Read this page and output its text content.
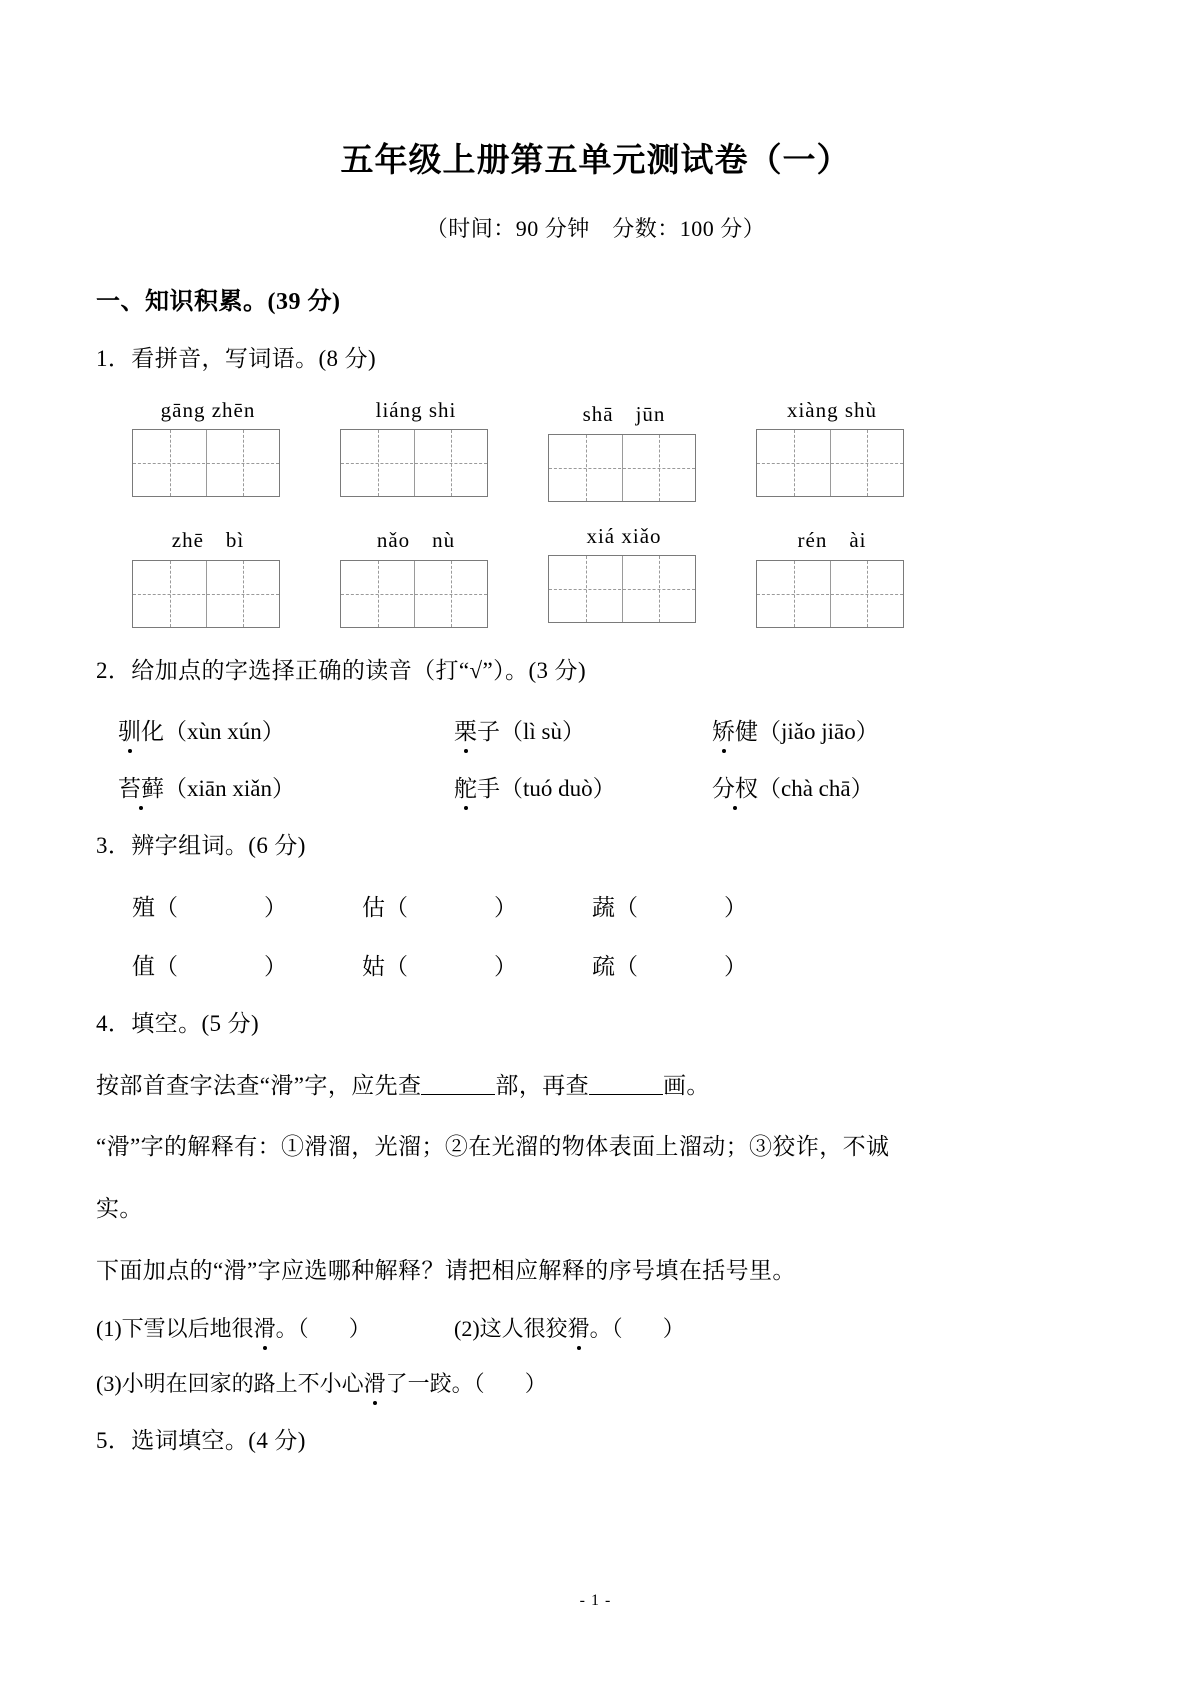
五年级上册第五单元测试卷（一）
（时间：90 分钟　分数：100 分）
一、知识积累。(39 分)
1．看拼音，写词语。(8 分)
gāng zhēn	liáng shi	shā　jūn	xiàng shù
zhē　bì	nǎo　nù	xiá xiǎo	rén　ài
2．给加点的字选择正确的读音（打“√”）。(3 分)
驯化（xùn xún）	栗子（lì sù）	矫健（jiǎo jiāo）
苔藓（xiān xiǎn）	舵手（tuó duò）	分杈（chà chā）
3．辨字组词。(6 分)
殖（	）	估（	）	蔬（	）
值（	）	姑（	）	疏（	）
4．填空。(5 分)
按部首查字法查“滑”字，应先查	部，再查	画。
“滑”字的解释有：①滑溜，光溜；②在光溜的物体表面上溜动；③狡诈，不诚
实。
下面加点的“滑”字应选哪种解释？请把相应解释的序号填在括号里。
(1)下雪以后地很滑。（ ）	(2)这人很狡猾。（ ）
(3)小明在回家的路上不小心滑了一跤。（ ）
5．选词填空。(4 分)
- 1 -
